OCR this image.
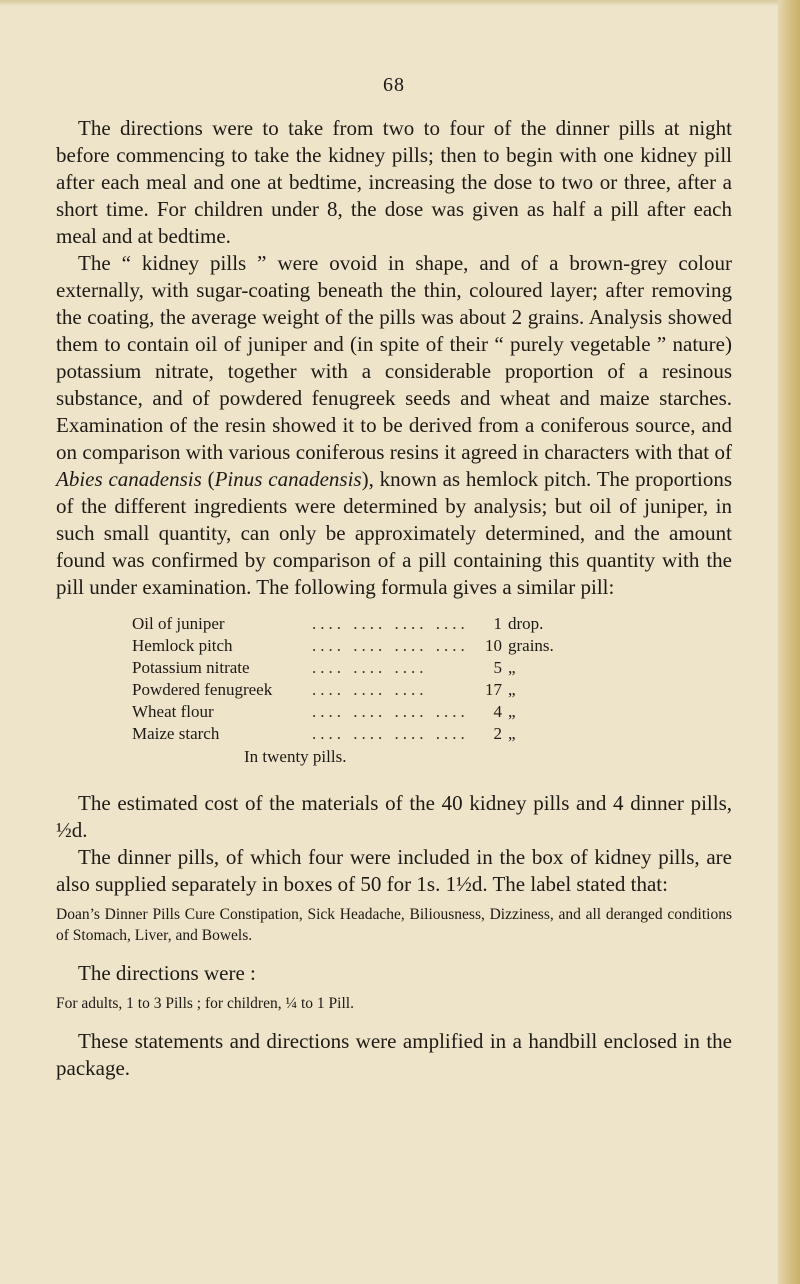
68

The directions were to take from two to four of the dinner pills at night before commencing to take the kidney pills; then to begin with one kidney pill after each meal and one at bedtime, increasing the dose to two or three, after a short time. For children under 8, the dose was given as half a pill after each meal and at bedtime.

The “ kidney pills ” were ovoid in shape, and of a brown-grey colour externally, with sugar-coating beneath the thin, coloured layer; after removing the coating, the average weight of the pills was about 2 grains. Analysis showed them to contain oil of juniper and (in spite of their “ purely vegetable ” nature) potassium nitrate, together with a considerable proportion of a resinous substance, and of powdered fenugreek seeds and wheat and maize starches. Examination of the resin showed it to be derived from a coniferous source, and on comparison with various coniferous resins it agreed in characters with that of Abies canadensis (Pinus canadensis), known as hemlock pitch. The proportions of the different ingredients were determined by analysis; but oil of juniper, in such small quantity, can only be approximately determined, and the amount found was confirmed by comparison of a pill containing this quantity with the pill under examination. The following formula gives a similar pill:

Oil of juniper	.... .... .... ....	1 drop.
Hemlock pitch	.... .... .... .... 10 grains.
Potassium nitrate	.... .... ....	5 „
Powdered fenugreek	.... .... ....	17 „
Wheat flour	.... .... .... ....	4 „
Maize starch	.... .... .... ....	2 „
In twenty pills.

The estimated cost of the materials of the 40 kidney pills and 4 dinner pills, ½d.

The dinner pills, of which four were included in the box of kidney pills, are also supplied separately in boxes of 50 for 1s. 1½d. The label stated that:

Doan’s Dinner Pills Cure Constipation, Sick Headache, Biliousness, Dizziness, and all deranged conditions of Stomach, Liver, and Bowels.

The directions were :

For adults, 1 to 3 Pills ; for children, ¼ to 1 Pill.

These statements and directions were amplified in a handbill enclosed in the package.
